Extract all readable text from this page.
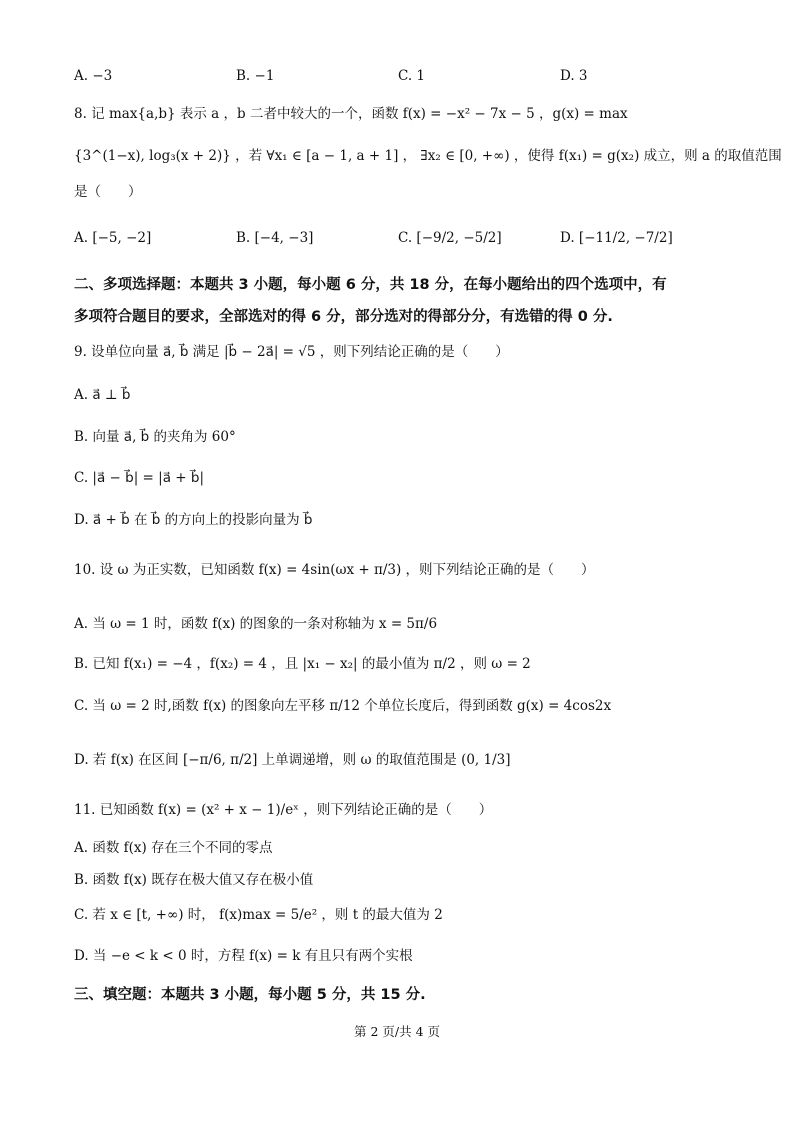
A. −3	B. −1	C. 1	D. 3
8. 记 max{a,b} 表示 a ，b 二者中较大的一个，函数 f(x) = −x² − 7x − 5 ，g(x) = max
{3^(1−x), log₃(x + 2)} ，若 ∀x₁ ∈ [a − 1, a + 1] ， ∃x₂ ∈ [0, +∞) ，使得 f(x₁) = g(x₂) 成立，则 a 的取值范围
是（　　）
A. [−5, −2]	B. [−4, −3]	C. [−9/2, −5/2]	D. [−11/2, −7/2]
二、多项选择题：本题共 3 小题，每小题 6 分，共 18 分，在每小题给出的四个选项中，有
多项符合题目的要求，全部选对的得 6 分，部分选对的得部分分，有选错的得 0 分.
9. 设单位向量 a⃗, b⃗ 满足 |b⃗ − 2a⃗| = √5 ，则下列结论正确的是（　　）
A. a⃗ ⊥ b⃗
B. 向量 a⃗, b⃗ 的夹角为 60°
C. |a⃗ − b⃗| = |a⃗ + b⃗|
D. a⃗ + b⃗ 在 b⃗ 的方向上的投影向量为 b⃗
10. 设 ω 为正实数，已知函数 f(x) = 4sin(ωx + π/3) ，则下列结论正确的是（　　）
A. 当 ω = 1 时，函数 f(x) 的图象的一条对称轴为 x = 5π/6
B. 已知 f(x₁) = −4 ，f(x₂) = 4 ，且 |x₁ − x₂| 的最小值为 π/2 ，则 ω = 2
C. 当 ω = 2 时,函数 f(x) 的图象向左平移 π/12 个单位长度后，得到函数 g(x) = 4cos2x
D. 若 f(x) 在区间 [−π/6, π/2] 上单调递增，则 ω 的取值范围是 (0, 1/3]
11. 已知函数 f(x) = (x² + x − 1)/eˣ ，则下列结论正确的是（　　）
A. 函数 f(x) 存在三个不同的零点
B. 函数 f(x) 既存在极大值又存在极小值
C. 若 x ∈ [t, +∞) 时， f(x)max = 5/e² ，则 t 的最大值为 2
D. 当 −e < k < 0 时，方程 f(x) = k 有且只有两个实根
三、填空题：本题共 3 小题，每小题 5 分，共 15 分.
第 2 页/共 4 页
